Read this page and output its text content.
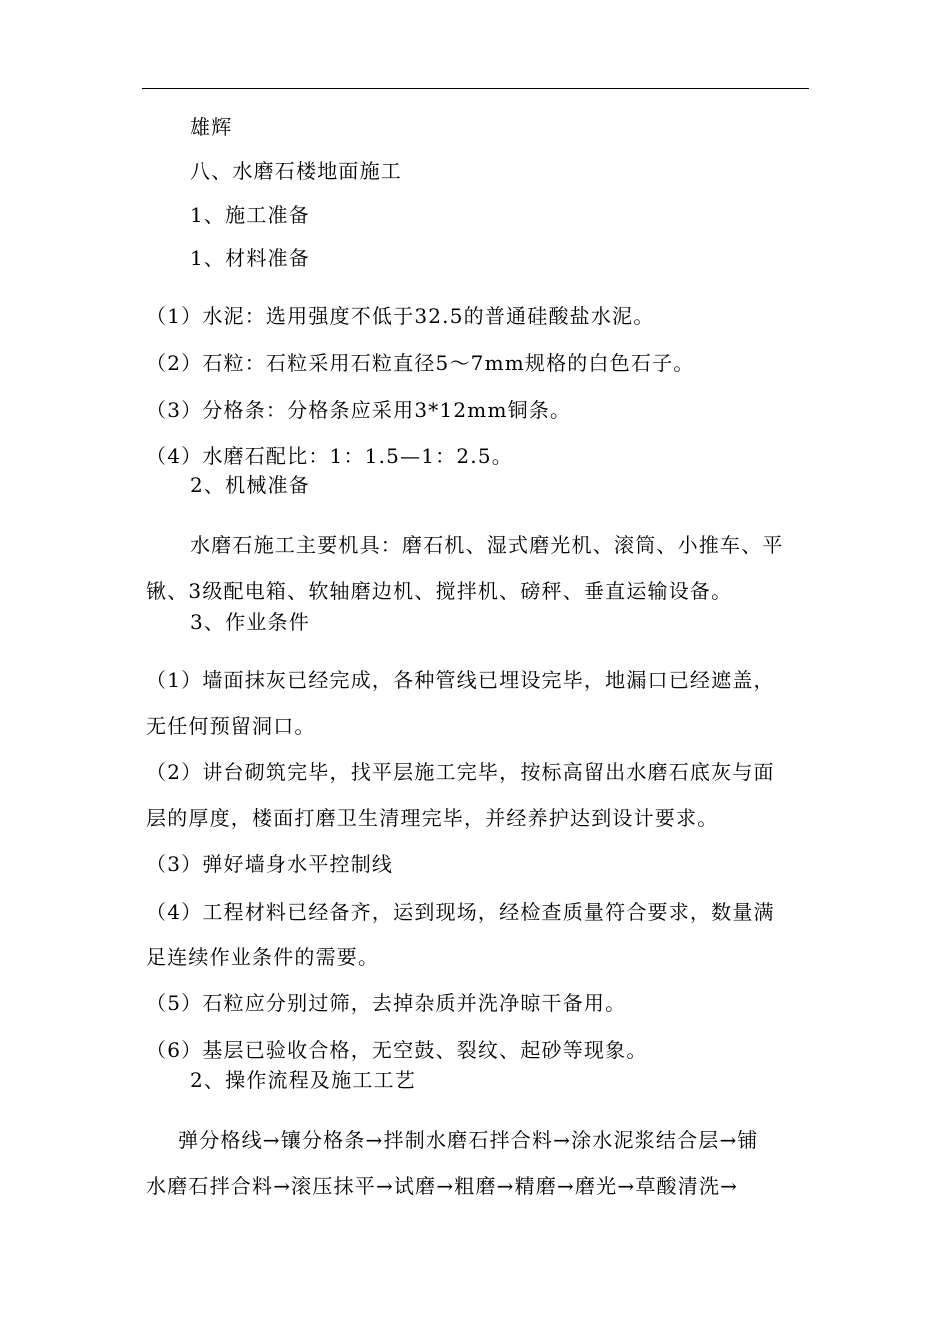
雄辉
八、水磨石楼地面施工
1、施工准备
1、材料准备
（1）水泥：选用强度不低于32.5的普通硅酸盐水泥。
（2）石粒：石粒采用石粒直径5～7mm规格的白色石子。
（3）分格条：分格条应采用3*12mm铜条。
（4）水磨石配比：1：1.5—1：2.5。
2、机械准备
水磨石施工主要机具：磨石机、湿式磨光机、滚筒、小推车、平
锹、3级配电箱、软轴磨边机、搅拌机、磅秤、垂直运输设备。
3、作业条件
（1）墙面抹灰已经完成，各种管线已埋设完毕，地漏口已经遮盖，
无任何预留洞口。
（2）讲台砌筑完毕，找平层施工完毕，按标高留出水磨石底灰与面
层的厚度，楼面打磨卫生清理完毕，并经养护达到设计要求。
（3）弹好墙身水平控制线
（4）工程材料已经备齐，运到现场，经检查质量符合要求，数量满
足连续作业条件的需要。
（5）石粒应分别过筛，去掉杂质并洗净晾干备用。
（6）基层已验收合格，无空鼓、裂纹、起砂等现象。
2、操作流程及施工工艺
弹分格线→镶分格条→拌制水磨石拌合料→涂水泥浆结合层→铺
水磨石拌合料→滚压抹平→试磨→粗磨→精磨→磨光→草酸清洗→
